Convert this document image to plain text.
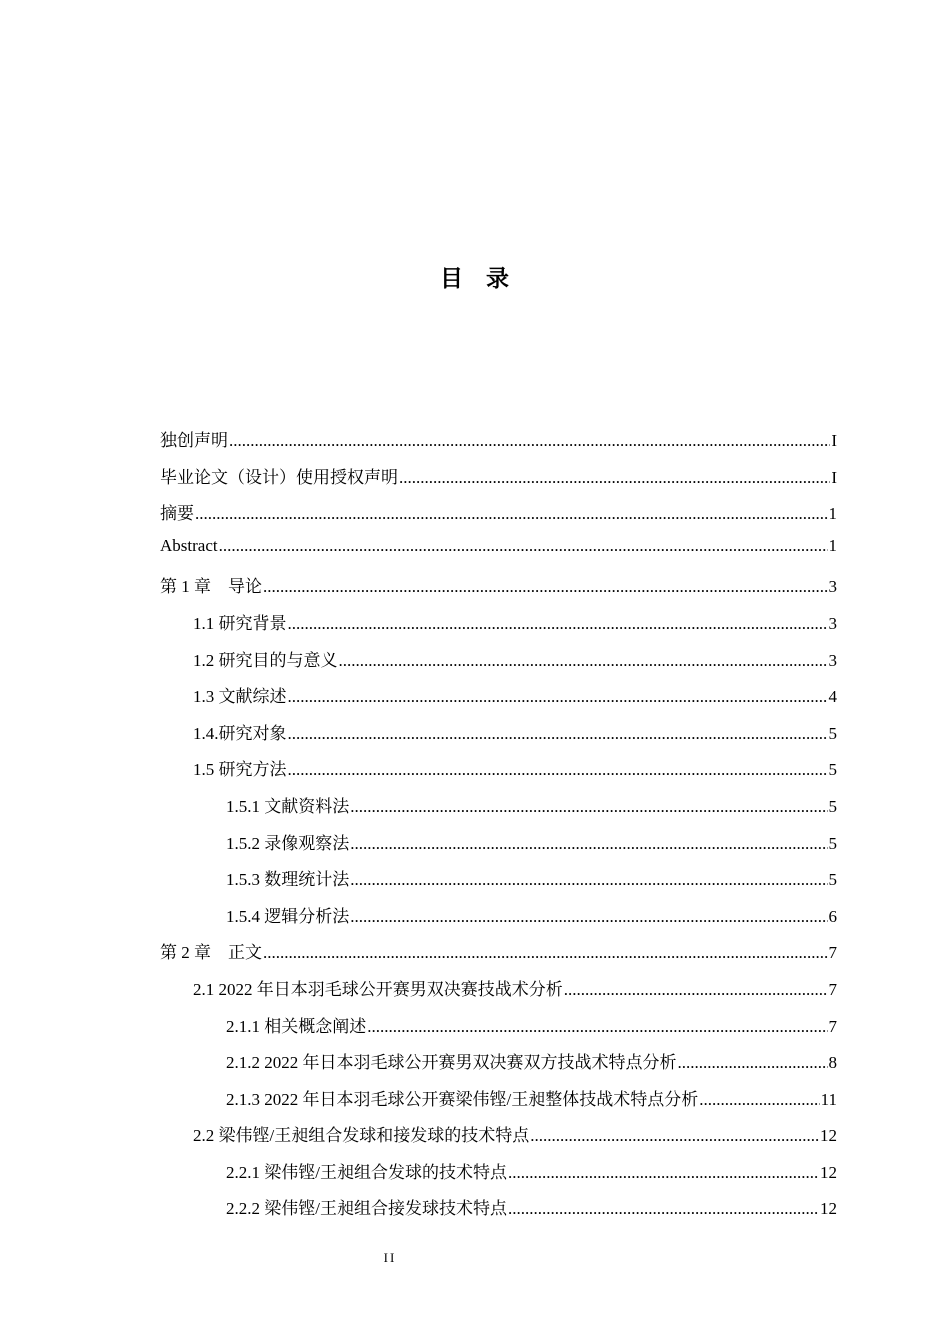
目 录
独创声明 .....	I
毕业论文（设计）使用授权声明 .....	I
摘要 .....	1
Abstract .....	1
第 1 章　导论 .....	3
1.1 研究背景 .....	3
1.2 研究目的与意义 .....	3
1.3 文献综述 .....	4
1.4.研究对象 .....	5
1.5 研究方法 .....	5
1.5.1 文献资料法 .....	5
1.5.2 录像观察法 .....	5
1.5.3 数理统计法 .....	5
1.5.4 逻辑分析法 .....	6
第 2 章　正文 .....	7
2.1 2022 年日本羽毛球公开赛男双决赛技战术分析 .....	7
2.1.1 相关概念阐述 .....	7
2.1.2 2022 年日本羽毛球公开赛男双决赛双方技战术特点分析 .....	8
2.1.3 2022 年日本羽毛球公开赛梁伟铿/王昶整体技战术特点分析 .....	11
2.2 梁伟铿/王昶组合发球和接发球的技术特点 .....	12
2.2.1 梁伟铿/王昶组合发球的技术特点 .....	12
2.2.2 梁伟铿/王昶组合接发球技术特点 .....	12
II
